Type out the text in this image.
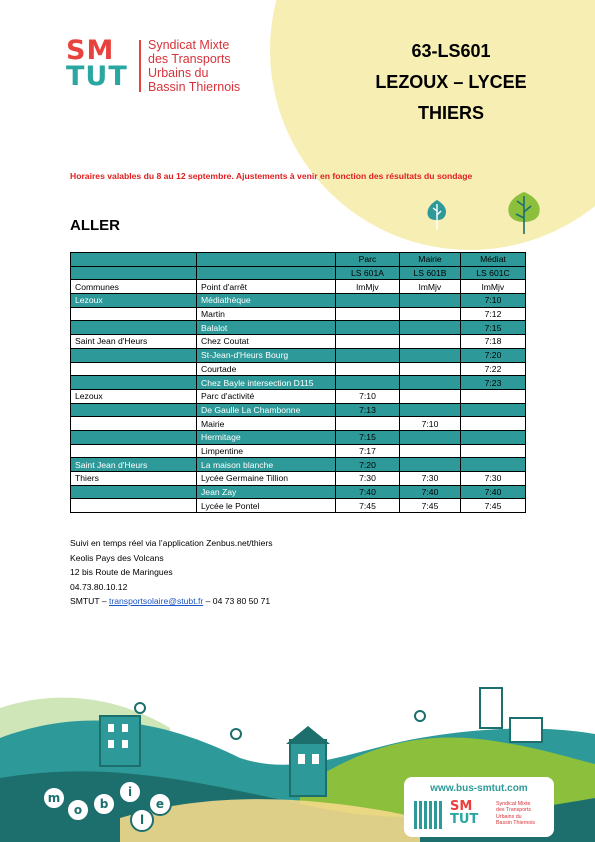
SM
TUT
Syndicat Mixte
des Transports
Urbains du
Bassin Thiernois
63-LS601
LEZOUX – LYCEE
THIERS
Horaires valables du 8 au 12 septembre. Ajustements à venir en fonction des résultats du sondage
ALLER
		Parc	Mairie	Médiat
		LS 601A	LS 601B	LS 601C
Communes	Point d'arrêt	lmMjv	lmMjv	lmMjv
Lezoux	Médiathèque			7:10
	Martin			7:12
	Balalot			7:15
Saint Jean d'Heurs	Chez Coutat			7:18
	St-Jean-d'Heurs Bourg			7:20
	Courtade			7:22
	Chez Bayle intersection D115			7:23
Lezoux	Parc d'activité	7:10		
	De Gaulle La Chambonne	7:13		
	Mairie		7:10	
	Hermitage	7:15		
	Limpentine	7:17		
Saint Jean d'Heurs	La maison blanche	7:20		
Thiers	Lycée Germaine Tillion	7:30	7:30	7:30
	Jean Zay	7:40	7:40	7:40
	Lycée le Pontel	7:45	7:45	7:45
Suivi en temps réel via l’application Zenbus.net/thiers
Keolis Pays des Volcans
12 bis Route de Maringues
04.73.80.10.12
SMTUT – transportsolaire@stubt.fr – 04 73 80 50 71
m
o	b
i
l
e
www.bus-smtut.com
SM
TUT
Syndicat Mixte
des Transports
Urbains du
Bassin Thiernois
